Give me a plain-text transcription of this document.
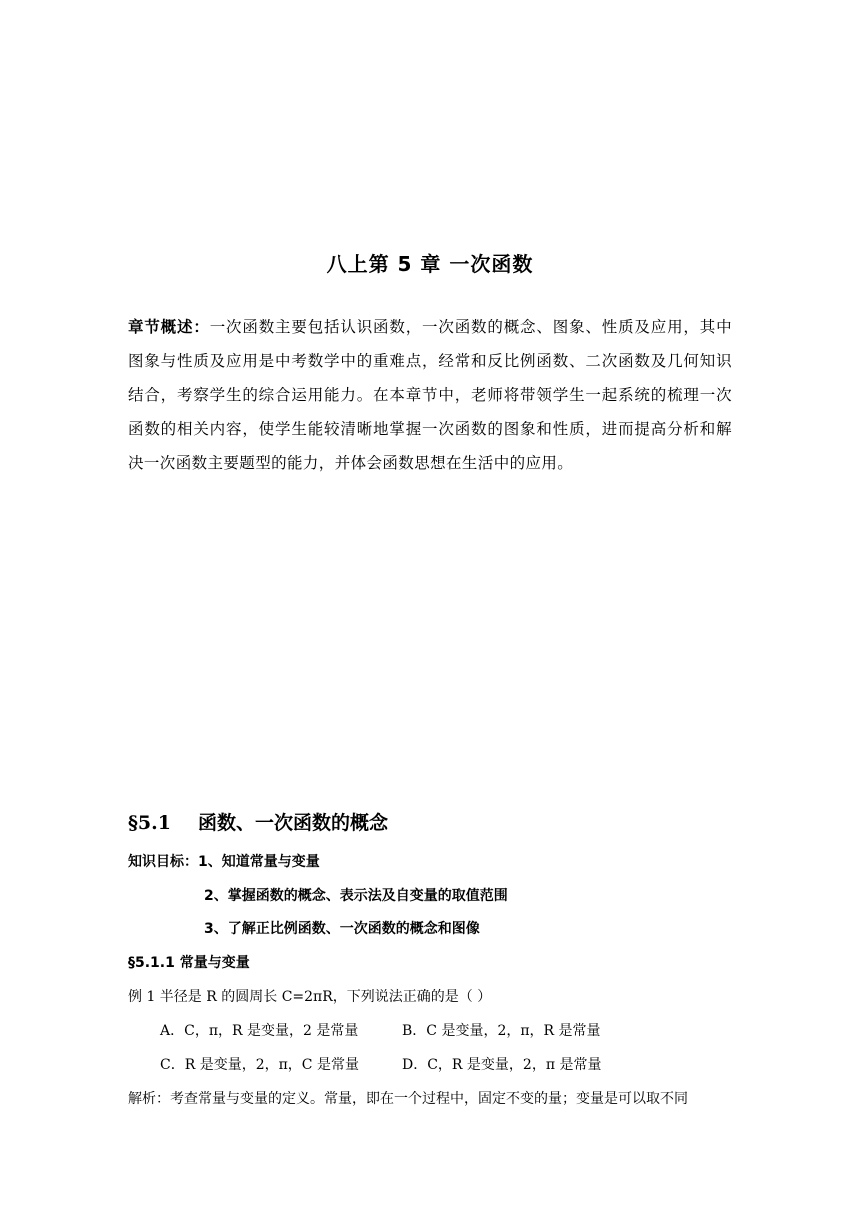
八上第 5 章 一次函数
章节概述：一次函数主要包括认识函数，一次函数的概念、图象、性质及应用，其中图象与性质及应用是中考数学中的重难点，经常和反比例函数、二次函数及几何知识结合，考察学生的综合运用能力。在本章节中，老师将带领学生一起系统的梳理一次函数的相关内容，使学生能较清晰地掌握一次函数的图象和性质，进而提高分析和解决一次函数主要题型的能力，并体会函数思想在生活中的应用。
§5.1 函数、一次函数的概念
知识目标：1、知道常量与变量
2、掌握函数的概念、表示法及自变量的取值范围
3、了解正比例函数、一次函数的概念和图像
§5.1.1 常量与变量
例 1 半径是 R 的圆周长 C=2πR，下列说法正确的是（ ）
A．C，π，R 是变量，2 是常量	B．C 是变量，2，π，R 是常量
C．R 是变量，2，π，C 是常量	D．C，R 是变量，2，π 是常量
解析：考查常量与变量的定义。常量，即在一个过程中，固定不变的量；变量是可以取不同
